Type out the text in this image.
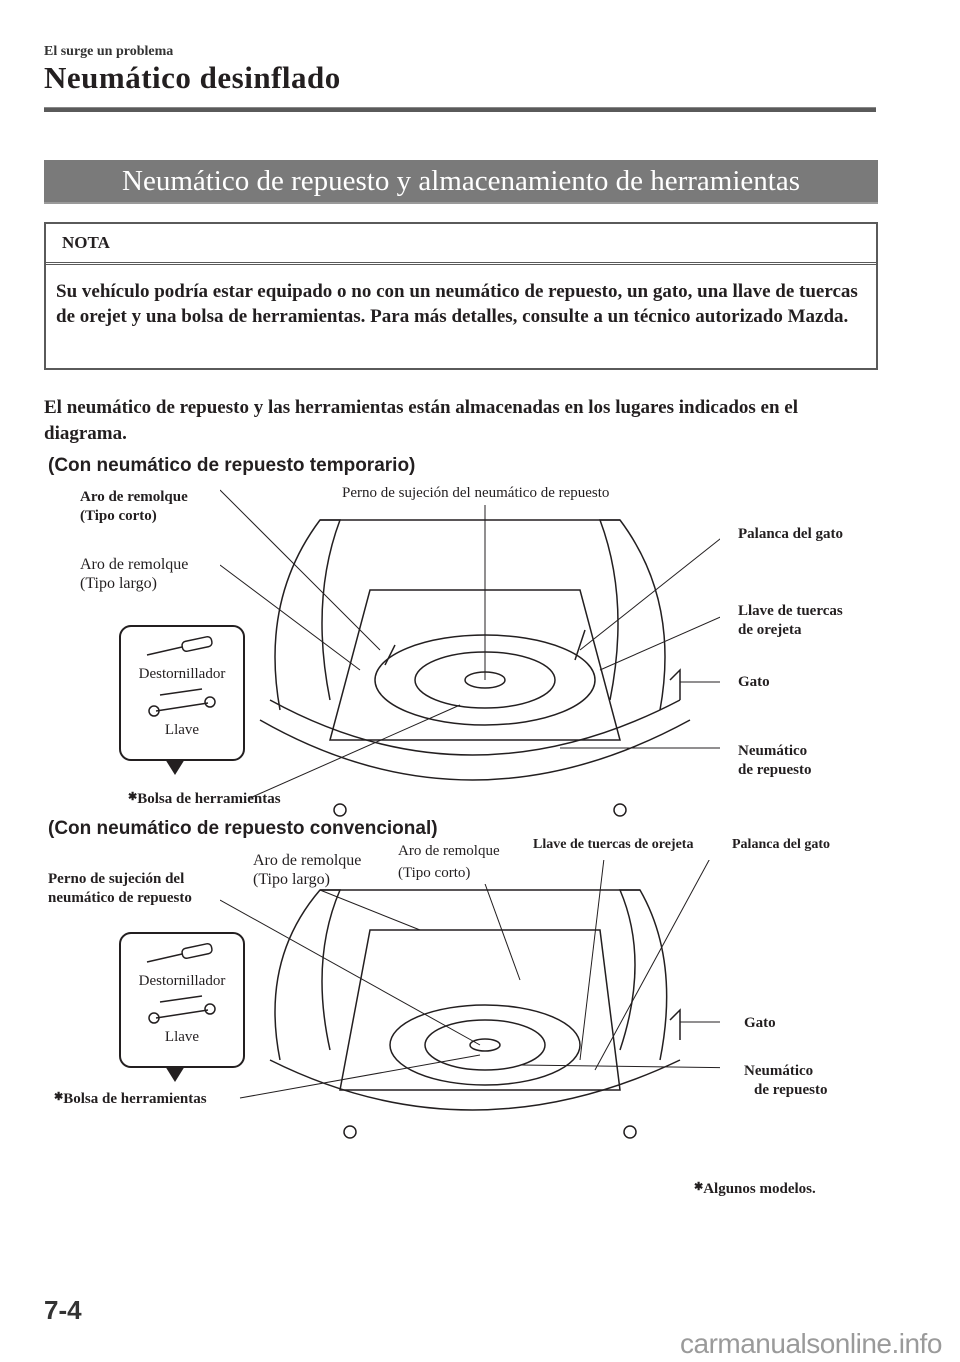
El surge un problema
Neumático desinflado
Neumático de repuesto y almacenamiento de herramientas
NOTA
Su vehículo podría estar equipado o no con un neumático de repuesto, un gato, una llave de tuercas de orejet y una bolsa de herramientas. Para más detalles, consulte a un técnico autorizado Mazda.
El neumático de repuesto y las herramientas están almacenadas en los lugares indicados en el diagrama.
(Con neumático de repuesto temporario)
Aro de remolque
(Tipo corto)
Aro de remolque
(Tipo largo)
Perno de sujeción del neumático de repuesto
Palanca del gato
Llave de tuercas
de orejeta
Gato
Neumático
de repuesto
Destornillador
Llave
✱Bolsa de herramientas
(Con neumático de repuesto convencional)
Perno de sujeción del
neumático de repuesto
Aro de remolque
(Tipo largo)
Aro de remolque
(Tipo corto)
Llave de tuercas de orejeta	Palanca del gato
Gato
Neumático
de repuesto
Destornillador
Llave
✱Bolsa de herramientas
✱Algunos modelos.
7-4
carmanualsonline.info
